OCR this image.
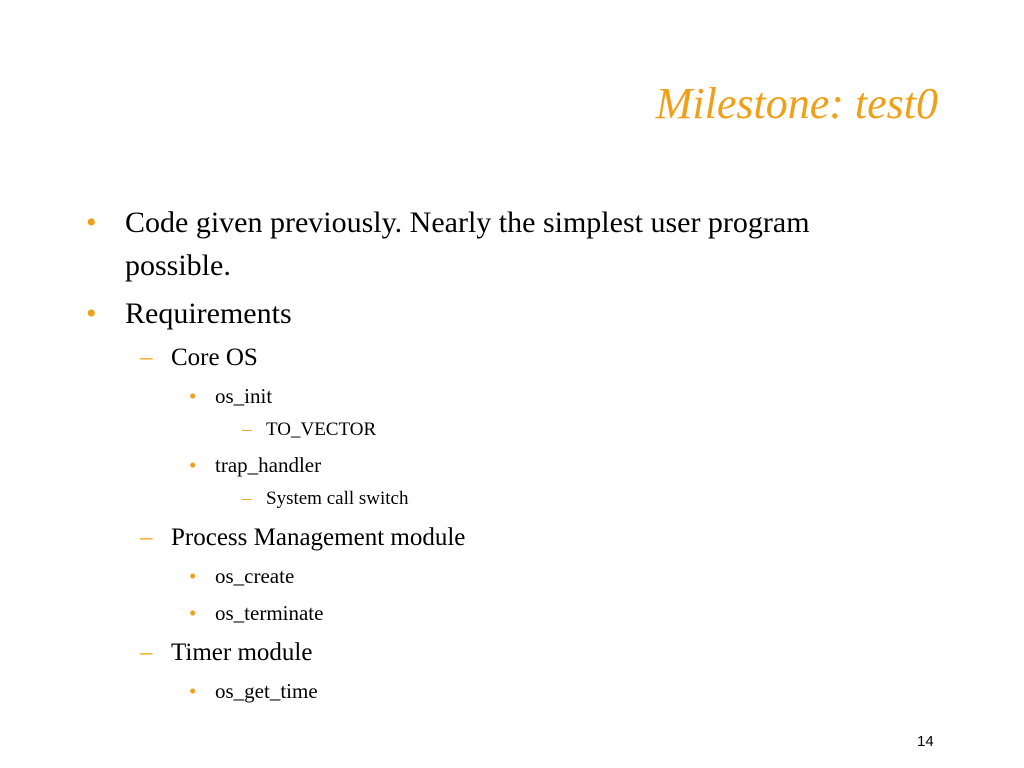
Milestone: test0
• Code given previously. Nearly the simplest user program
possible.
• Requirements
– Core OS
• os_init
– TO_VECTOR
• trap_handler
– System call switch
– Process Management module
• os_create
• os_terminate
– Timer module
• os_get_time
14
